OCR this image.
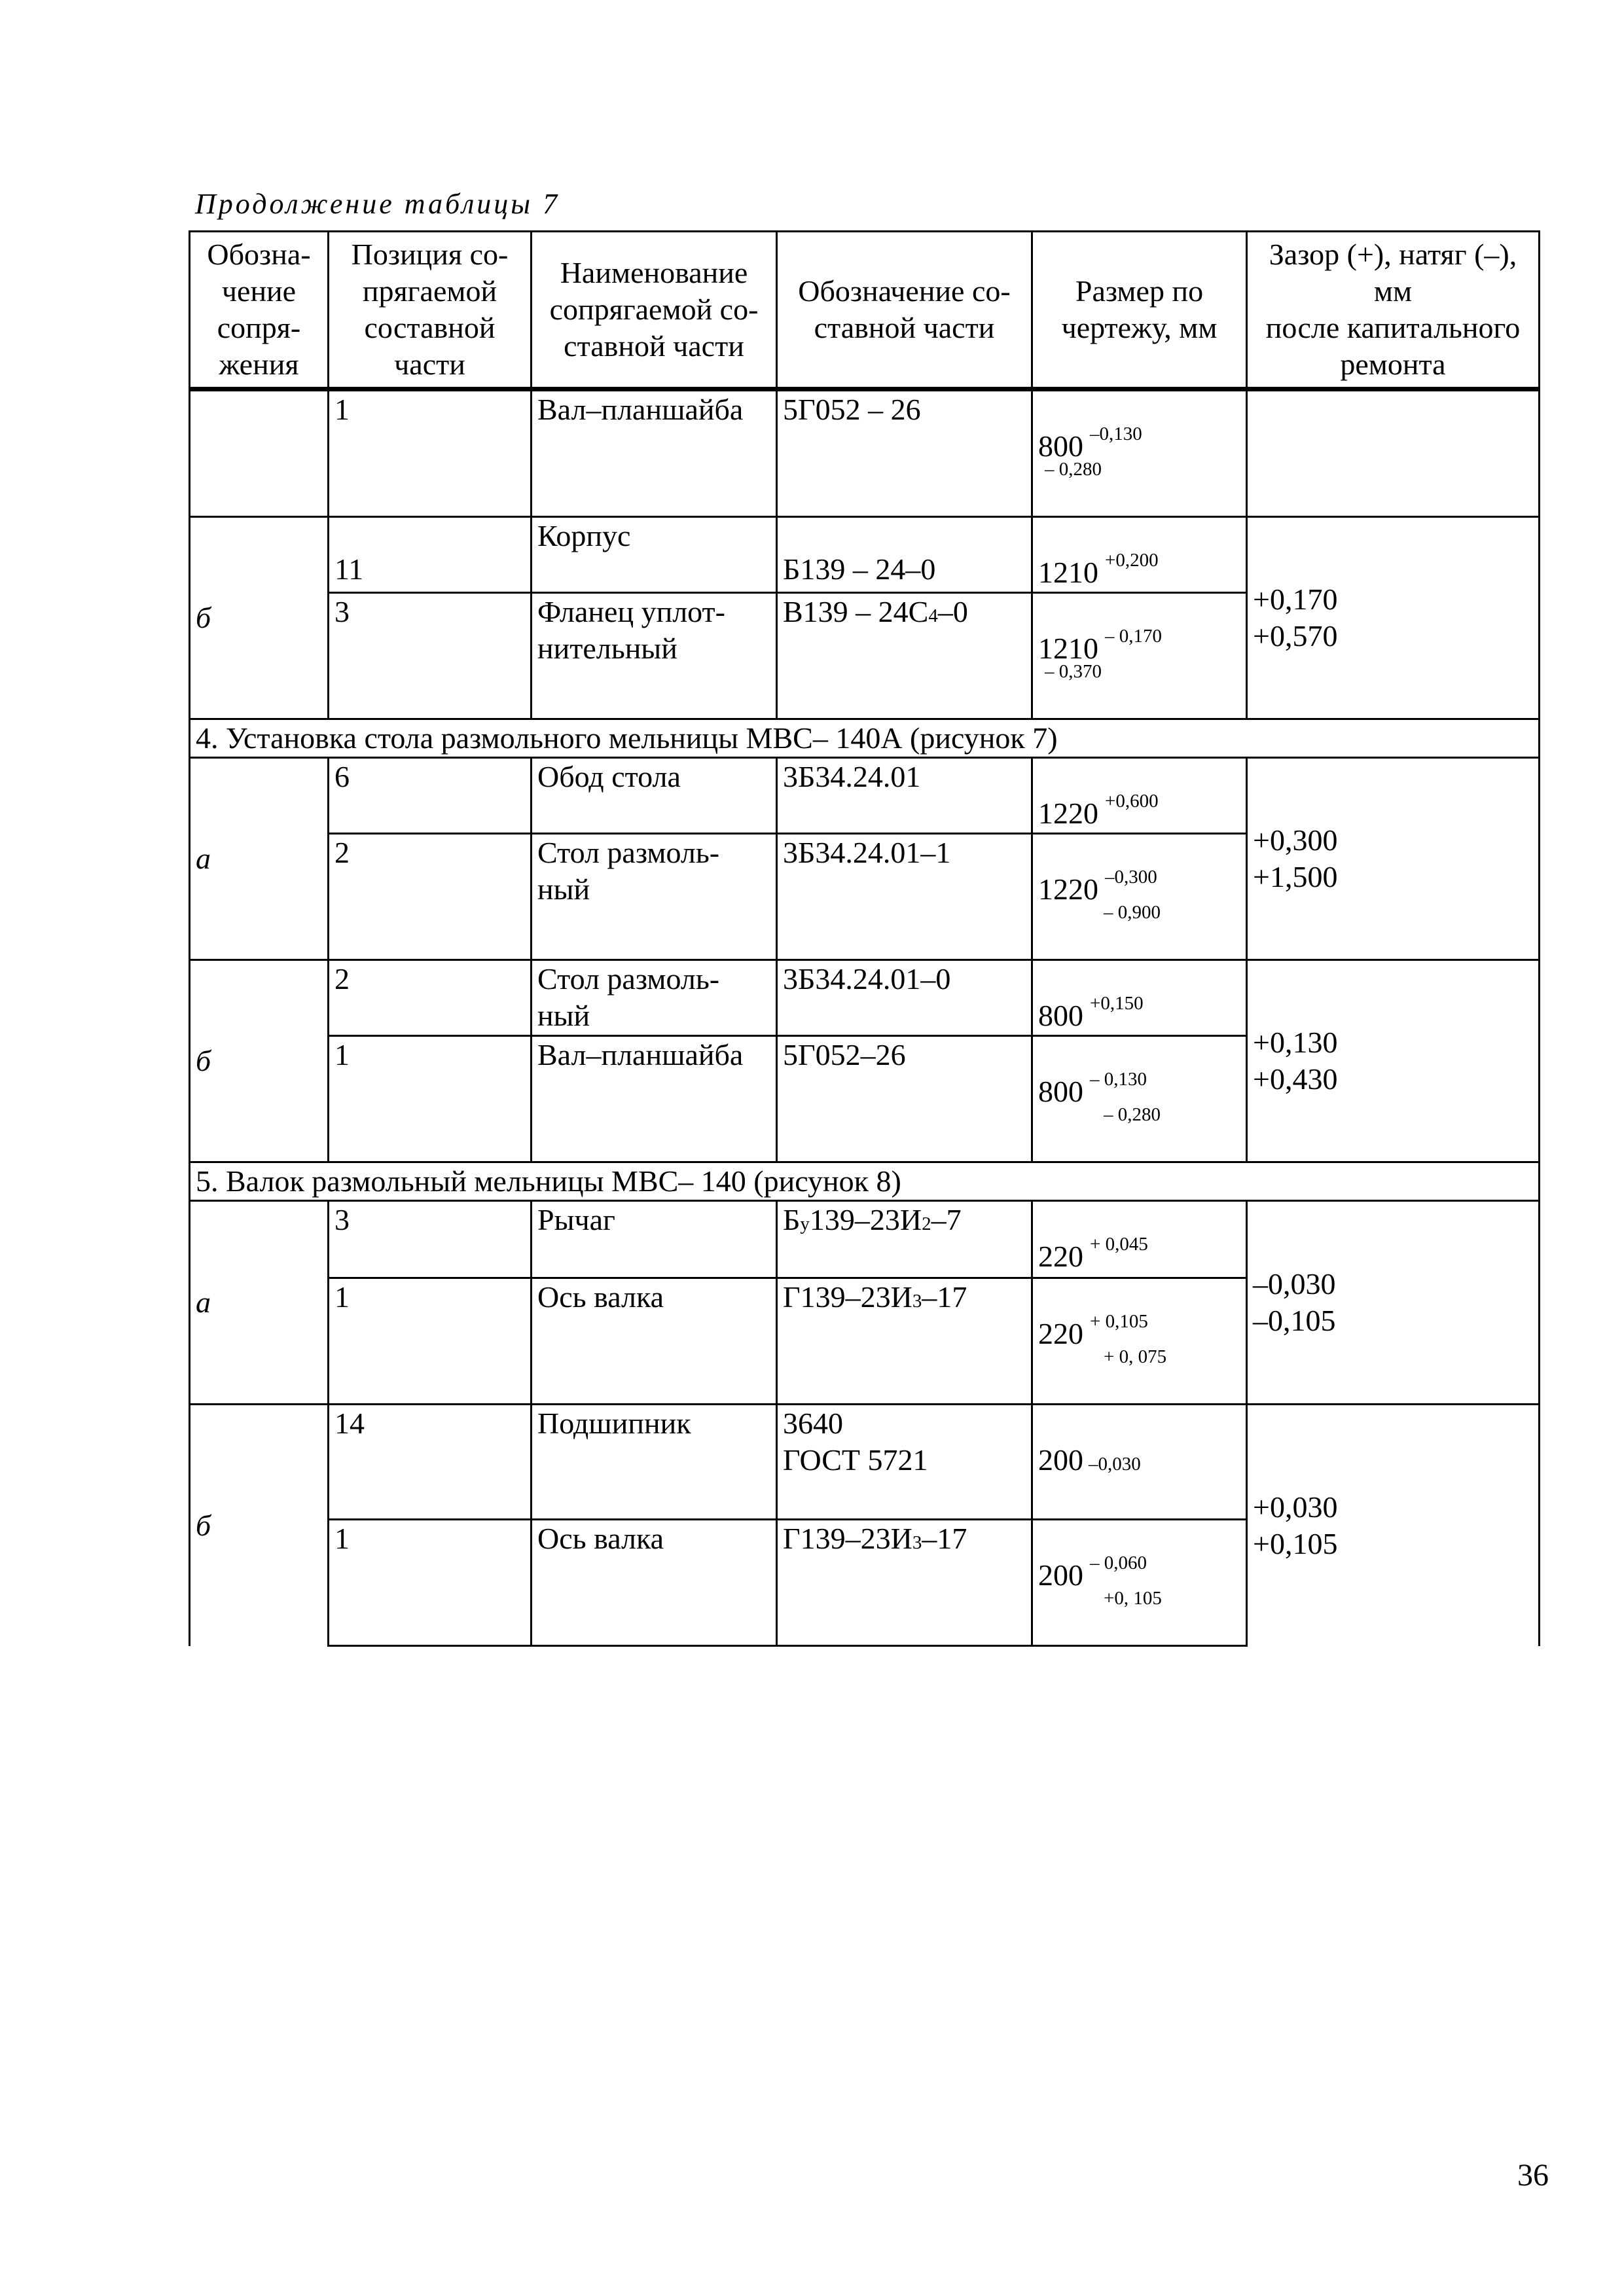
Продолжение таблицы 7
Обозна-
чение
сопря-
жения	Позиция со-
прягаемой
составной
части	Наименование
сопрягаемой со-
ставной части	Обозначение со-
ставной части	Размер по
чертежу, мм	Зазор (+), натяг (–),
мм
после капитального
ремонта
	1	Вал–планшайба	5Г052 – 26	800 $^{-0,130}$

– 0,280	

б	11	Корпус	Б139 – 24–0	1210 $^{+0,200}$	+0,170
+0,570
	3	Фланец уплот-
нительный	В139 – 24С4–0	1210 $^{- 0,170}$

– 0,370	

4. Установка стола размольного мельницы МВС– 140А (рисунок 7)					
а	6	Обод стола	3Б34.24.01	1220 $^{+0,600}$	+0,300
+1,500
	2	Стол размоль-
ный	3Б34.24.01–1	1220 $^{-0,300}$

– 0,900	

б	2	Стол размоль-
ный	3Б34.24.01–0	800 $^{+0,150}$	+0,130
+0,430
	1	Вал–планшайба	5Г052–26	800 $^{- 0,130}$

– 0,280	

5. Валок размольный мельницы МВС– 140 (рисунок 8)					
а	3	Рычаг	Бу139–23И2–7	220 $^{+ 0,045}$	–0,030
–0,105
	1	Ось валка	Г139–23И3–17	220 $^{+ 0,105}$

+ 0, 075	

б	14	Подшипник	3640
ГОСТ 5721	200 –0,030	+0,030
+0,105
	1	Ось валка	Г139–23И3–17	200 $^{- 0,060}$

+0, 105	

36
